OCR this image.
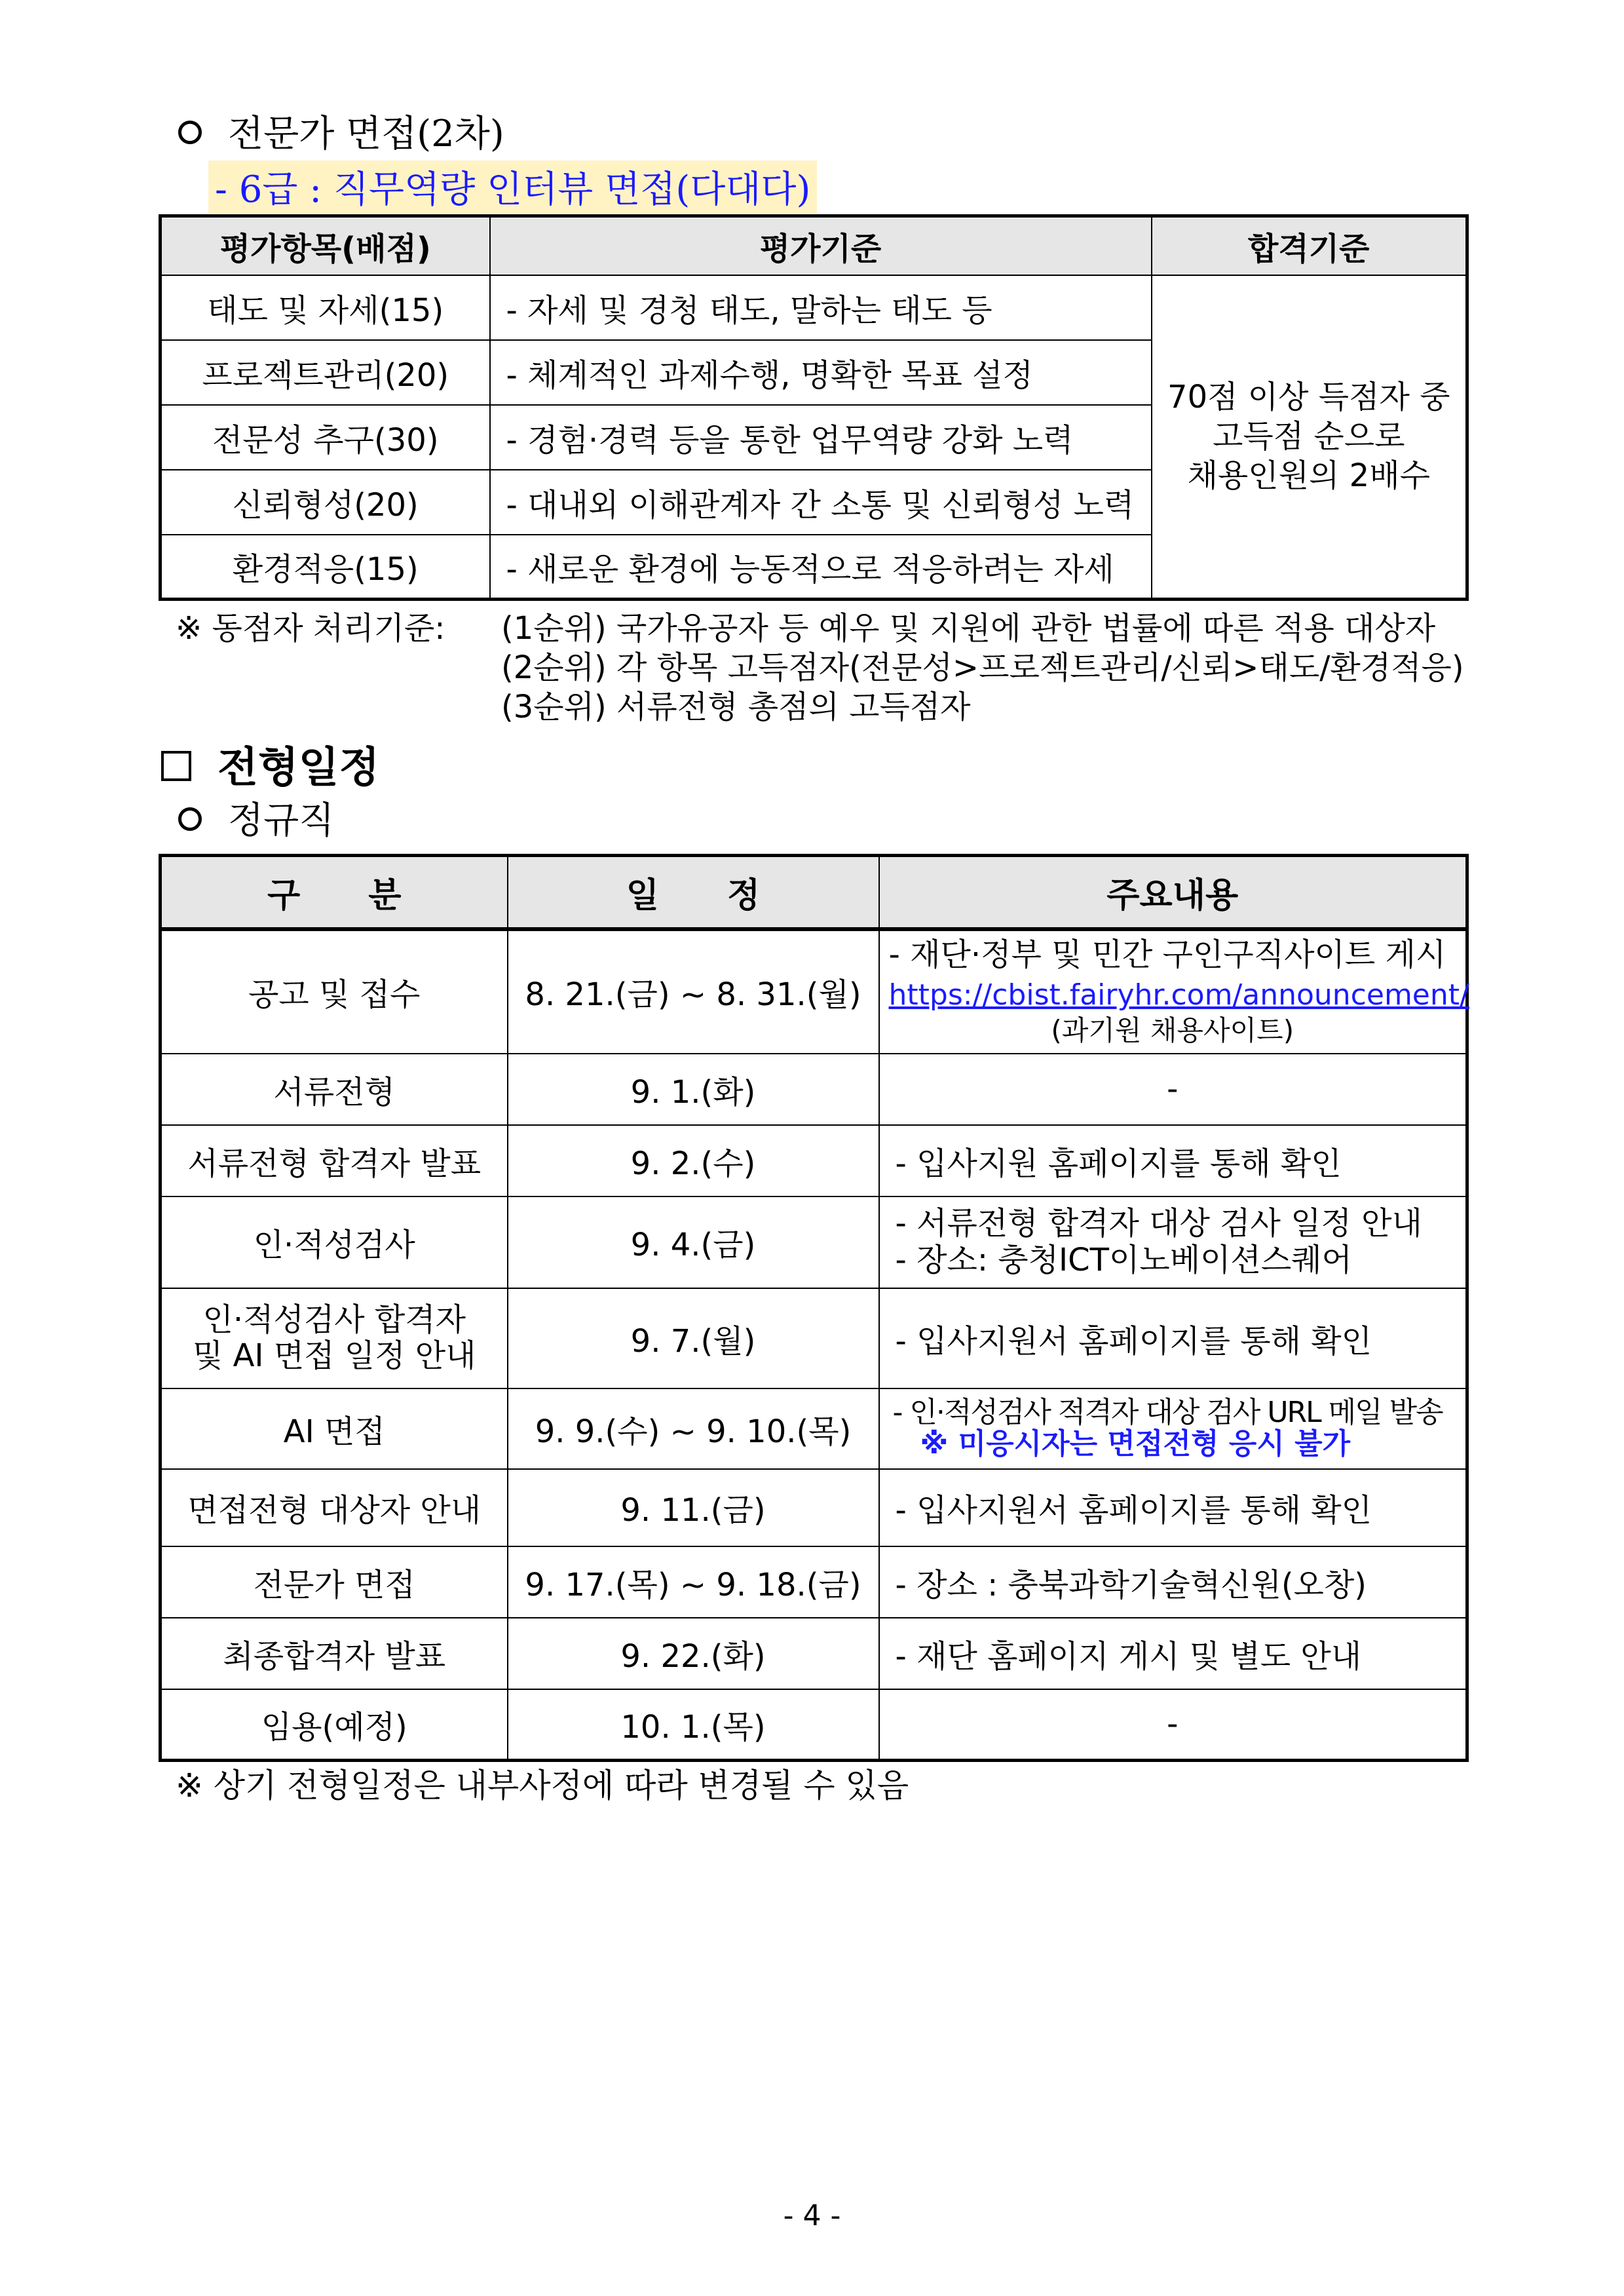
전문가 면접(2차)
- 6급 : 직무역량 인터뷰 면접(다대다)
평가항목(배점)	평가기준	합격기준
태도 및 자세(15)	- 자세 및 경청 태도, 말하는 태도 등	70점 이상 득점자 중
고득점 순으로
채용인원의 2배수

프로젝트관리(20)	- 체계적인 과제수행, 명확한 목표 설정	
전문성 추구(30)	- 경험·경력 등을 통한 업무역량 강화 노력	
신뢰형성(20)	- 대내외 이해관계자 간 소통 및 신뢰형성 노력	
환경적응(15)	- 새로운 환경에 능동적으로 적응하려는 자세	
※ 동점자 처리기준: (1순위) 국가유공자 등 예우 및 지원에 관한 법률에 따른 적용 대상자
(2순위) 각 항목 고득점자(전문성>프로젝트관리/신뢰>태도/환경적응)
(3순위) 서류전형 총점의 고득점자
전형일정
정규직
구　　분	일　　정	주요내용
공고 및 접수	8. 21.(금) ~ 8. 31.(월)	- 재단·정부 및 민간 구인구직사이트 게시
https://cbist.fairyhr.com/announcement/
(과기원 채용사이트)

서류전형	9. 1.(화)	-
서류전형 합격자 발표	9. 2.(수)	- 입사지원 홈페이지를 통해 확인
인·적성검사	9. 4.(금)	- 서류전형 합격자 대상 검사 일정 안내
- 장소: 충청ICT이노베이션스퀘어

인·적성검사 합격자
및 AI 면접 일정 안내	9. 7.(월)	- 입사지원서 홈페이지를 통해 확인
AI 면접	9. 9.(수) ~ 9. 10.(목)	- 인·적성검사 적격자 대상 검사 URL 메일 발송
※ 미응시자는 면접전형 응시 불가

면접전형 대상자 안내	9. 11.(금)	- 입사지원서 홈페이지를 통해 확인
전문가 면접	9. 17.(목) ~ 9. 18.(금)	- 장소 : 충북과학기술혁신원(오창)
최종합격자 발표	9. 22.(화)	- 재단 홈페이지 게시 및 별도 안내
임용(예정)	10. 1.(목)	-
※ 상기 전형일정은 내부사정에 따라 변경될 수 있음
- 4 -
